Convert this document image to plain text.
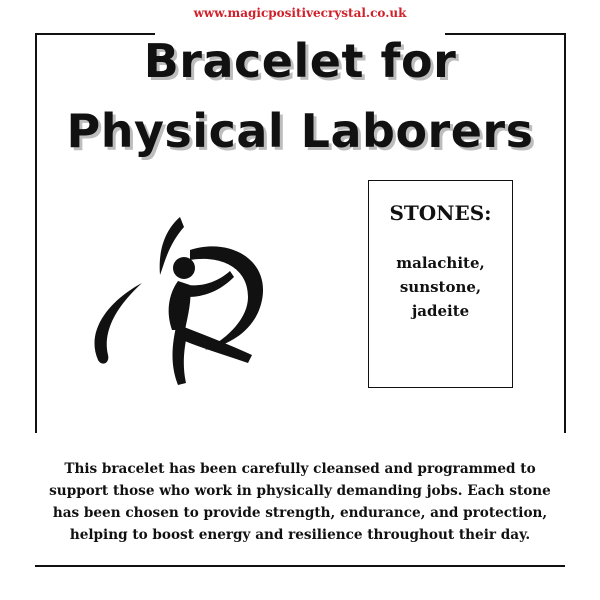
www.magicpositivecrystal.co.uk
Bracelet for
Physical Laborers
STONES:
malachite,
sunstone,
jadeite
This bracelet has been carefully cleansed and programmed to support those who work in physically demanding jobs. Each stone has been chosen to provide strength, endurance, and protection, helping to boost energy and resilience throughout their day.
